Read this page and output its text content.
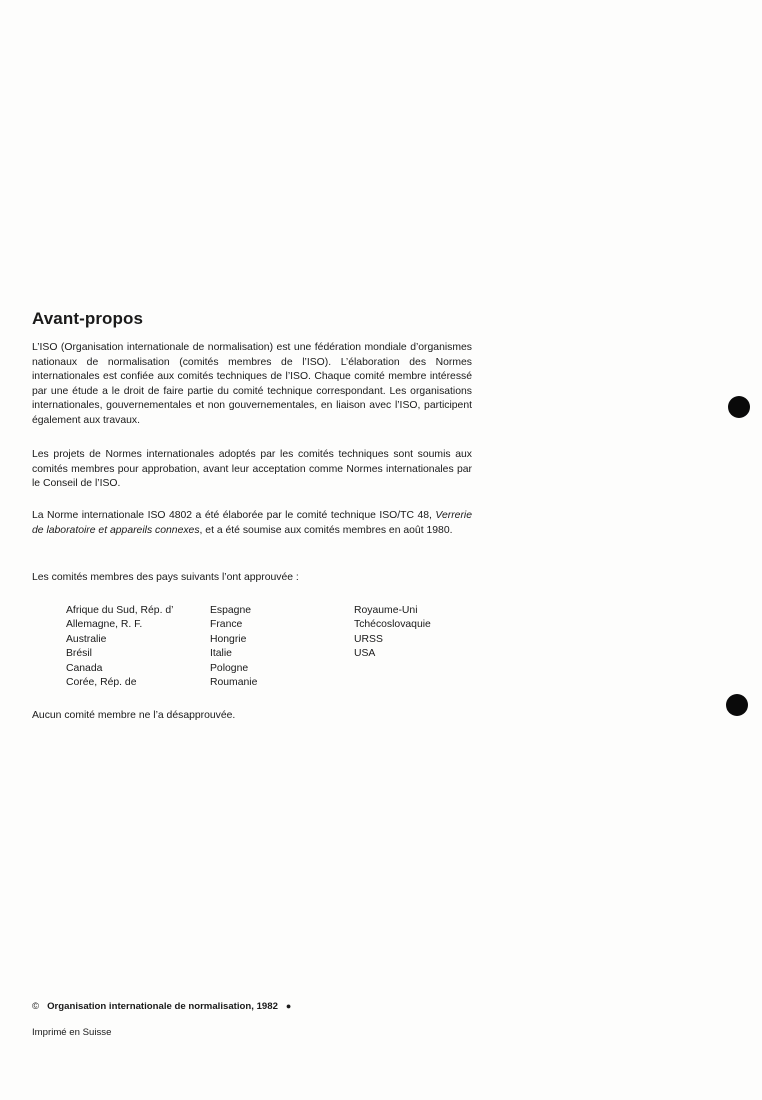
Avant-propos
L’ISO (Organisation internationale de normalisation) est une fédération mondiale d’organismes nationaux de normalisation (comités membres de l’ISO). L’élaboration des Normes internationales est confiée aux comités techniques de l’ISO. Chaque comité membre intéressé par une étude a le droit de faire partie du comité technique correspondant. Les organisations internationales, gouvernementales et non gouvernementales, en liaison avec l’ISO, participent également aux travaux.
Les projets de Normes internationales adoptés par les comités techniques sont soumis aux comités membres pour approbation, avant leur acceptation comme Normes internationales par le Conseil de l’ISO.
La Norme internationale ISO 4802 a été élaborée par le comité technique ISO/TC 48, Verrerie de laboratoire et appareils connexes, et a été soumise aux comités membres en août 1980.
Les comités membres des pays suivants l’ont approuvée :
Afrique du Sud, Rép. d’
Allemagne, R. F.
Australie
Brésil
Canada
Corée, Rép. de
Espagne
France
Hongrie
Italie
Pologne
Roumanie
Royaume-Uni
Tchécoslovaquie
URSS
USA
Aucun comité membre ne l’a désapprouvée.
© Organisation internationale de normalisation, 1982 ●
Imprimé en Suisse
